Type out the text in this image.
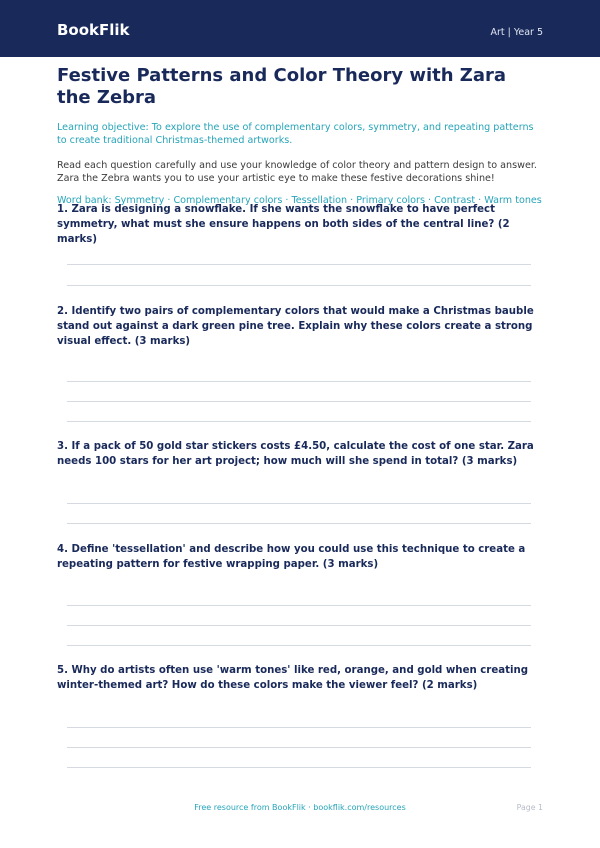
BookFlik	Art | Year 5
Festive Patterns and Color Theory with Zara the Zebra
Learning objective: To explore the use of complementary colors, symmetry, and repeating patterns to create traditional Christmas-themed artworks.
Read each question carefully and use your knowledge of color theory and pattern design to answer. Zara the Zebra wants you to use your artistic eye to make these festive decorations shine!
Word bank: Symmetry · Complementary colors · Tessellation · Primary colors · Contrast · Warm tones
1. Zara is designing a snowflake. If she wants the snowflake to have perfect symmetry, what must she ensure happens on both sides of the central line? (2 marks)
2. Identify two pairs of complementary colors that would make a Christmas bauble stand out against a dark green pine tree. Explain why these colors create a strong visual effect. (3 marks)
3. If a pack of 50 gold star stickers costs £4.50, calculate the cost of one star. Zara needs 100 stars for her art project; how much will she spend in total? (3 marks)
4. Define 'tessellation' and describe how you could use this technique to create a repeating pattern for festive wrapping paper. (3 marks)
5. Why do artists often use 'warm tones' like red, orange, and gold when creating winter-themed art? How do these colors make the viewer feel? (2 marks)
Free resource from BookFlik · bookflik.com/resources	Page 1
